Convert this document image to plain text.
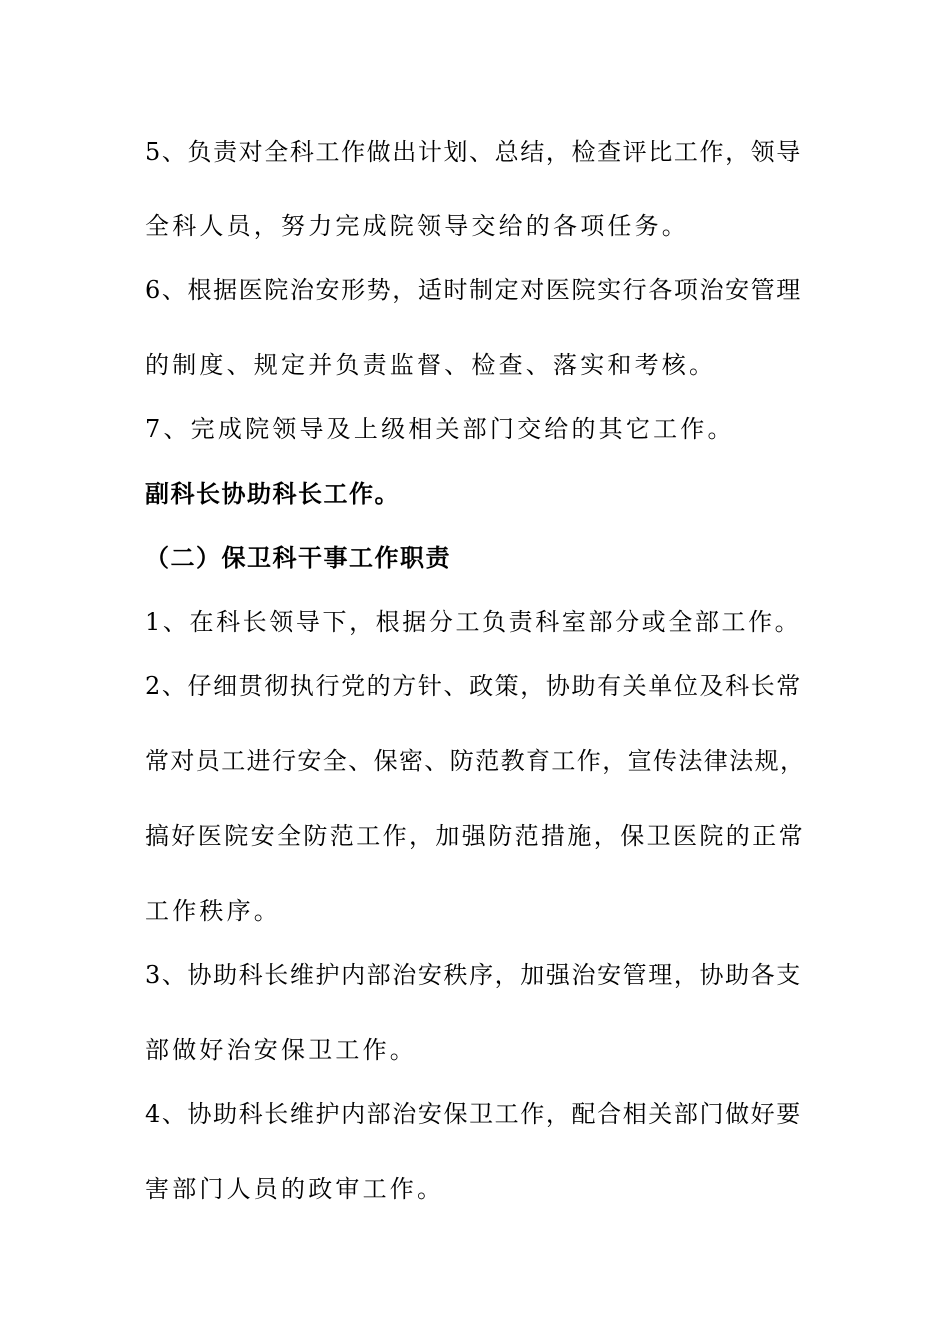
5、负责对全科工作做出计划、总结，检查评比工作，领导
全科人员，努力完成院领导交给的各项任务。
6、根据医院治安形势，适时制定对医院实行各项治安管理
的制度、规定并负责监督、检查、落实和考核。
7、完成院领导及上级相关部门交给的其它工作。
副科长协助科长工作。
（二）保卫科干事工作职责
1、在科长领导下，根据分工负责科室部分或全部工作。
2、仔细贯彻执行党的方针、政策，协助有关单位及科长常
常对员工进行安全、保密、防范教育工作，宣传法律法规，
搞好医院安全防范工作，加强防范措施，保卫医院的正常
工作秩序。
3、协助科长维护内部治安秩序，加强治安管理，协助各支
部做好治安保卫工作。
4、协助科长维护内部治安保卫工作，配合相关部门做好要
害部门人员的政审工作。
